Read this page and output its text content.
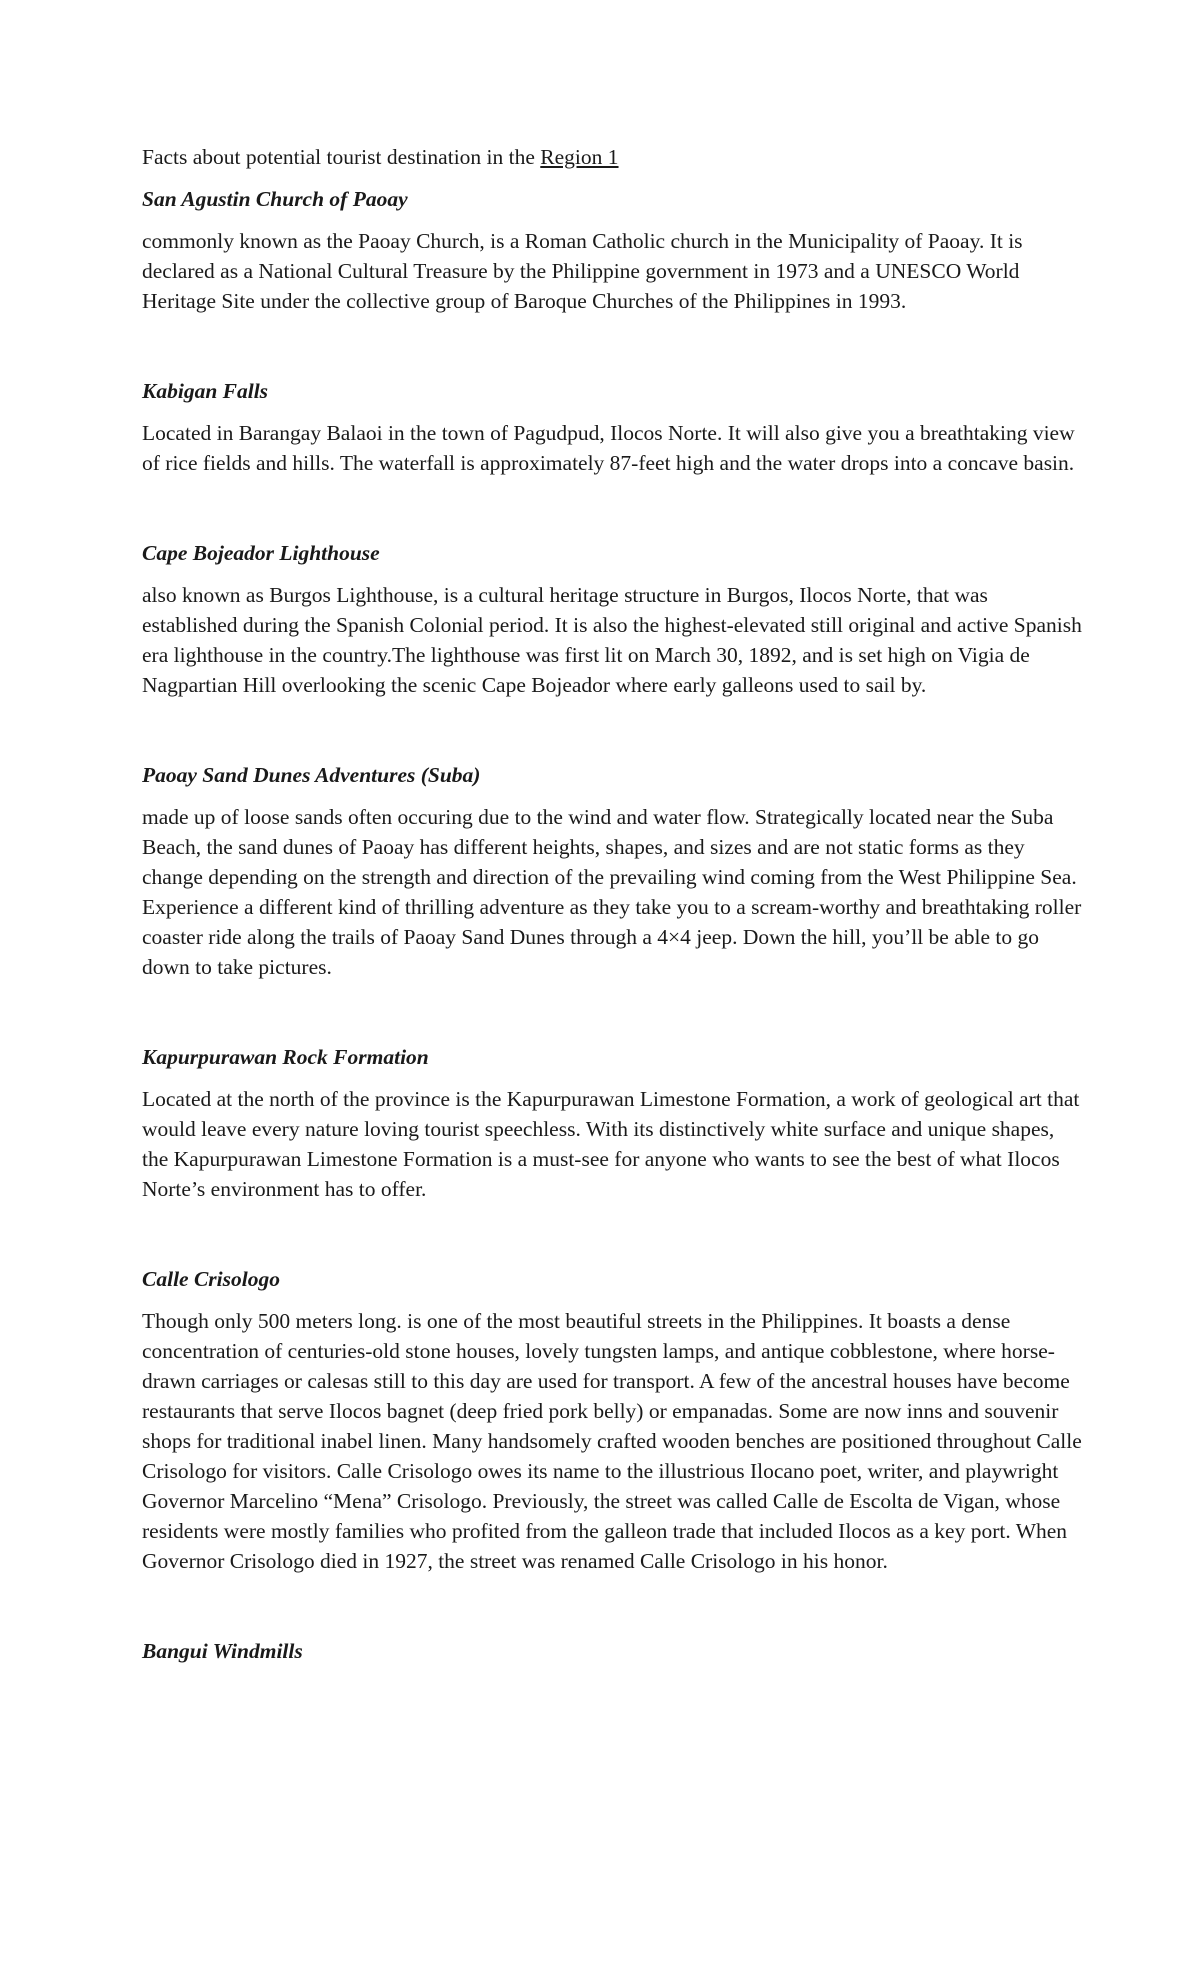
Facts about potential tourist destination in the Region 1

San Agustin Church of Paoay

commonly known as the Paoay Church, is a Roman Catholic church in the Municipality of Paoay. It is declared as a National Cultural Treasure by the Philippine government in 1973 and a UNESCO World Heritage Site under the collective group of Baroque Churches of the Philippines in 1993.

Kabigan Falls

Located in Barangay Balaoi in the town of Pagudpud, Ilocos Norte. It will also give you a breathtaking view of rice fields and hills. The waterfall is approximately 87-feet high and the water drops into a concave basin.

Cape Bojeador Lighthouse

also known as Burgos Lighthouse, is a cultural heritage structure in Burgos, Ilocos Norte, that was established during the Spanish Colonial period. It is also the highest-elevated still original and active Spanish era lighthouse in the country.The lighthouse was first lit on March 30, 1892, and is set high on Vigia de Nagpartian Hill overlooking the scenic Cape Bojeador where early galleons used to sail by.

Paoay Sand Dunes Adventures (Suba)

made up of loose sands often occuring due to the wind and water flow. Strategically located near the Suba Beach, the sand dunes of Paoay has different heights, shapes, and sizes and are not static forms as they change depending on the strength and direction of the prevailing wind coming from the West Philippine Sea. Experience a different kind of thrilling adventure as they take you to a scream-worthy and breathtaking roller coaster ride along the trails of Paoay Sand Dunes through a 4×4 jeep. Down the hill, you’ll be able to go down to take pictures.

Kapurpurawan Rock Formation

Located at the north of the province is the Kapurpurawan Limestone Formation, a work of geological art that would leave every nature loving tourist speechless. With its distinctively white surface and unique shapes, the Kapurpurawan Limestone Formation is a must-see for anyone who wants to see the best of what Ilocos Norte’s environment has to offer.

Calle Crisologo

Though only 500 meters long. is one of the most beautiful streets in the Philippines. It boasts a dense concentration of centuries-old stone houses, lovely tungsten lamps, and antique cobblestone, where horse-drawn carriages or calesas still to this day are used for transport. A few of the ancestral houses have become restaurants that serve Ilocos bagnet (deep fried pork belly) or empanadas. Some are now inns and souvenir shops for traditional inabel linen. Many handsomely crafted wooden benches are positioned throughout Calle Crisologo for visitors. Calle Crisologo owes its name to the illustrious Ilocano poet, writer, and playwright Governor Marcelino “Mena” Crisologo. Previously, the street was called Calle de Escolta de Vigan, whose residents were mostly families who profited from the galleon trade that included Ilocos as a key port. When Governor Crisologo died in 1927, the street was renamed Calle Crisologo in his honor.

Bangui Windmills
